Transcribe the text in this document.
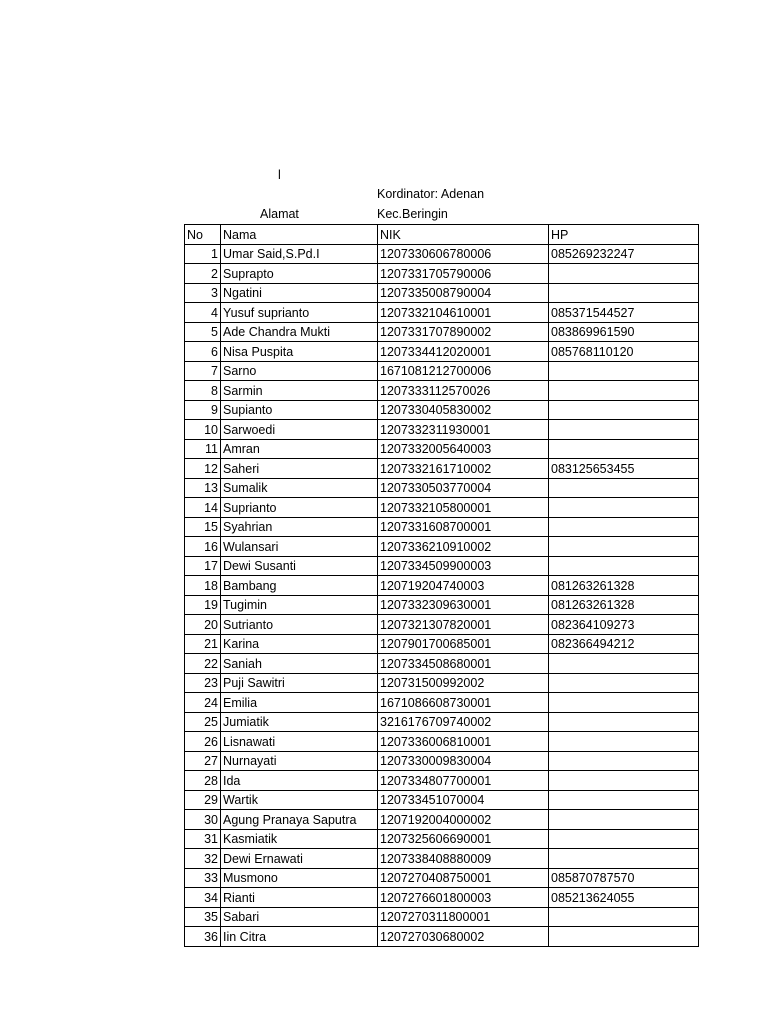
l
Kordinator: Adenan
Alamat	Kec.Beringin
No	Nama	NIK	HP
1	Umar Said,S.Pd.I	1207330606780006	085269232247
2	Suprapto	1207331705790006	
3	Ngatini	1207335008790004	
4	Yusuf suprianto	1207332104610001	085371544527
5	Ade Chandra Mukti	1207331707890002	083869961590
6	Nisa Puspita	1207334412020001	085768110120
7	Sarno	1671081212700006	
8	Sarmin	1207333112570026	
9	Supianto	1207330405830002	
10	Sarwoedi	1207332311930001	
11	Amran	1207332005640003	
12	Saheri	1207332161710002	083125653455
13	Sumalik	1207330503770004	
14	Suprianto	1207332105800001	
15	Syahrian	1207331608700001	
16	Wulansari	1207336210910002	
17	Dewi Susanti	1207334509900003	
18	Bambang	120719204740003	081263261328
19	Tugimin	1207332309630001	081263261328
20	Sutrianto	1207321307820001	082364109273
21	Karina	1207901700685001	082366494212
22	Saniah	1207334508680001	
23	Puji Sawitri	120731500992002	
24	Emilia	1671086608730001	
25	Jumiatik	3216176709740002	
26	Lisnawati	1207336006810001	
27	Nurnayati	1207330009830004	
28	Ida	1207334807700001	
29	Wartik	120733451070004	
30	Agung Pranaya Saputra	1207192004000002	
31	Kasmiatik	1207325606690001	
32	Dewi Ernawati	1207338408880009	
33	Musmono	1207270408750001	085870787570
34	Rianti	1207276601800003	085213624055
35	Sabari	1207270311800001	
36	Iin Citra	120727030680002	
